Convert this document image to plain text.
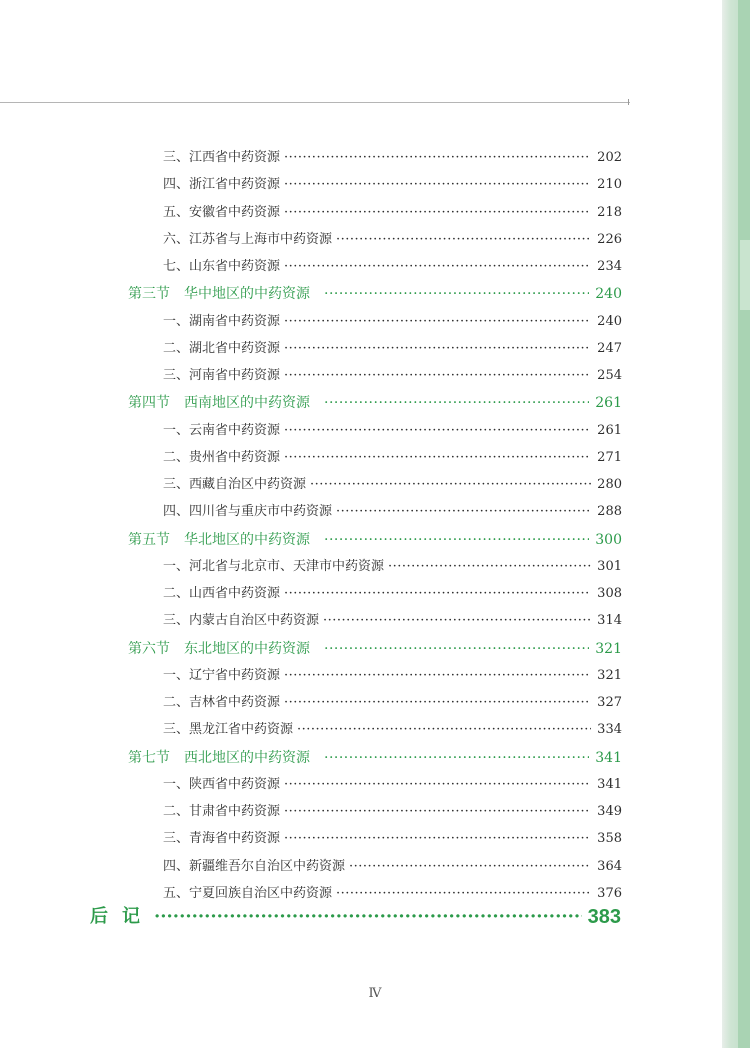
三、江西省中药资源 ·····	202
四、浙江省中药资源 ·····	210
五、安徽省中药资源 ·····	218
六、江苏省与上海市中药资源 ·····	226
七、山东省中药资源 ·····	234
第三节 华中地区的中药资源 ·····	240
一、湖南省中药资源 ·····	240
二、湖北省中药资源 ·····	247
三、河南省中药资源 ·····	254
第四节 西南地区的中药资源 ·····	261
一、云南省中药资源 ·····	261
二、贵州省中药资源 ·····	271
三、西藏自治区中药资源 ·····	280
四、四川省与重庆市中药资源 ·····	288
第五节 华北地区的中药资源 ·····	300
一、河北省与北京市、天津市中药资源 ·····	301
二、山西省中药资源 ·····	308
三、内蒙古自治区中药资源 ·····	314
第六节 东北地区的中药资源 ·····	321
一、辽宁省中药资源 ·····	321
二、吉林省中药资源 ·····	327
三、黑龙江省中药资源 ·····	334
第七节 西北地区的中药资源 ·····	341
一、陕西省中药资源 ·····	341
二、甘肃省中药资源 ·····	349
三、青海省中药资源 ·····	358
四、新疆维吾尔自治区中药资源 ·····	364
五、宁夏回族自治区中药资源 ·····	376
后记 ·····	383
Ⅳ
